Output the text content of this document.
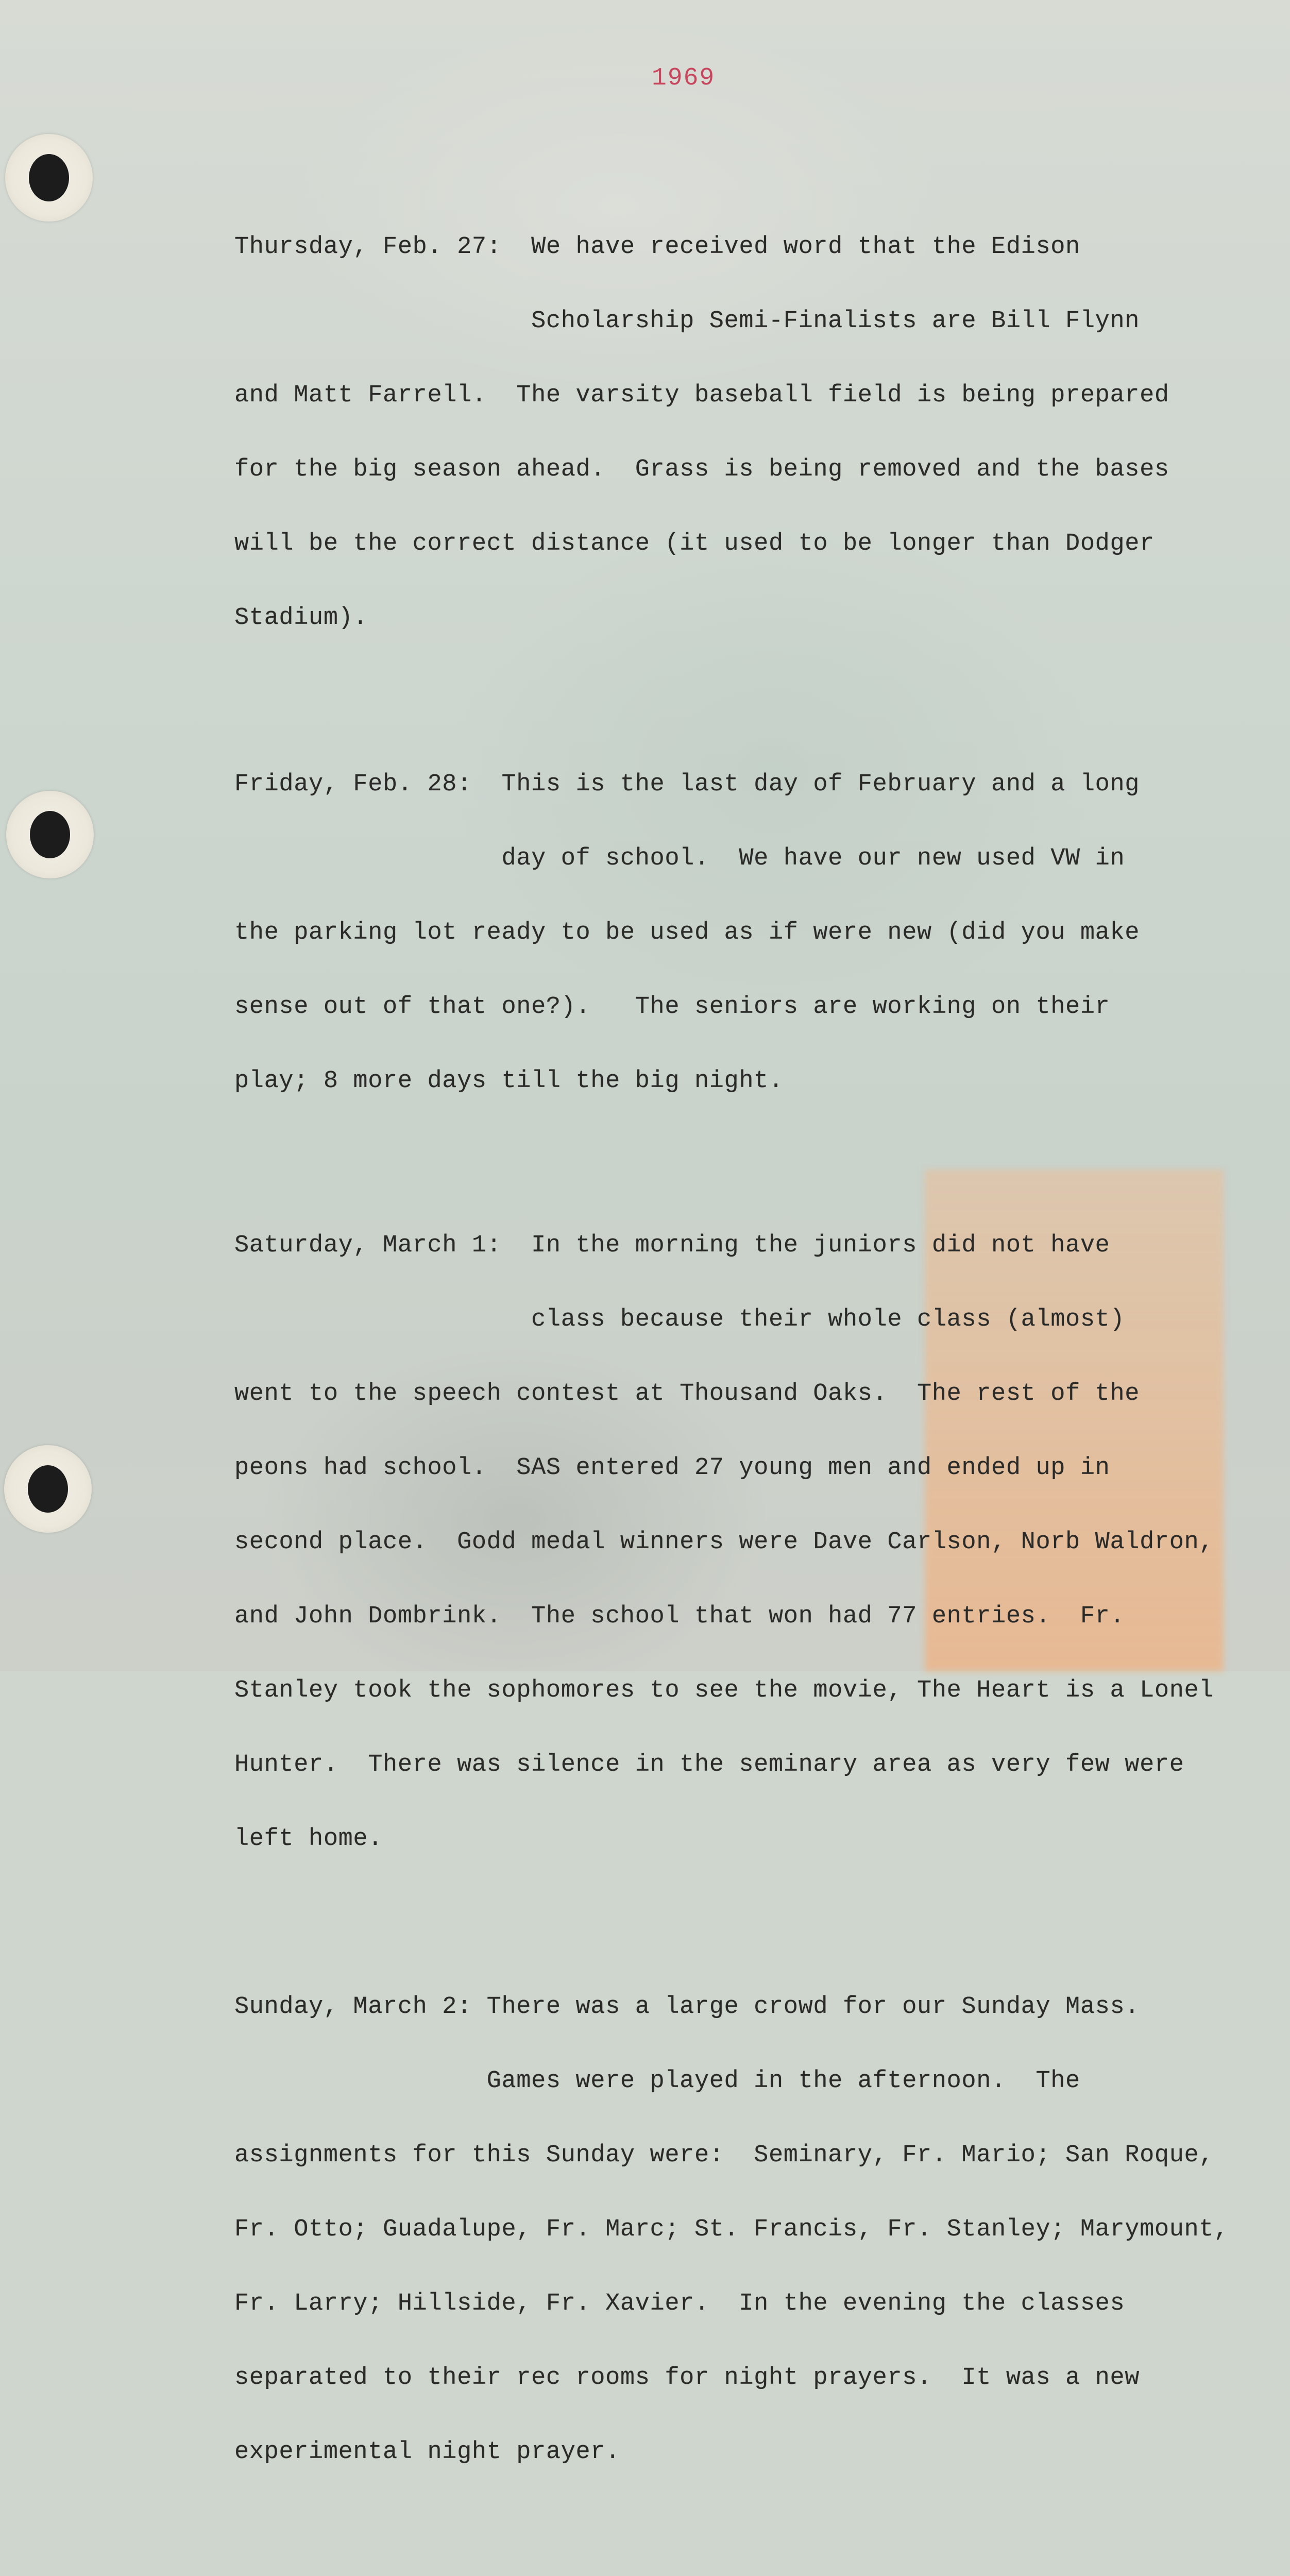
1969

Thursday, Feb. 27:  We have received word that the Edison

Scholarship Semi-Finalists are Bill Flynn

and Matt Farrell.  The varsity baseball field is being prepared

for the big season ahead.  Grass is being removed and the bases

will be the correct distance (it used to be longer than Dodger

Stadium).

Friday, Feb. 28:  This is the last day of February and a long

day of school.  We have our new used VW in

the parking lot ready to be used as if were new (did you make

sense out of that one?).   The seniors are working on their

play; 8 more days till the big night.

Saturday, March 1:  In the morning the juniors did not have

class because their whole class (almost)

went to the speech contest at Thousand Oaks.  The rest of the

peons had school.  SAS entered 27 young men and ended up in

second place.  Godd medal winners were Dave Carlson, Norb Waldron,

and John Dombrink.  The school that won had 77 entries.  Fr.

Stanley took the sophomores to see the movie, The Heart is a Lonel

Hunter.  There was silence in the seminary area as very few were

left home.

Sunday, March 2: There was a large crowd for our Sunday Mass.

Games were played in the afternoon.  The

assignments for this Sunday were:  Seminary, Fr. Mario; San Roque,

Fr. Otto; Guadalupe, Fr. Marc; St. Francis, Fr. Stanley; Marymount,

Fr. Larry; Hillside, Fr. Xavier.  In the evening the classes

separated to their rec rooms for night prayers.  It was a new

experimental night prayer.
